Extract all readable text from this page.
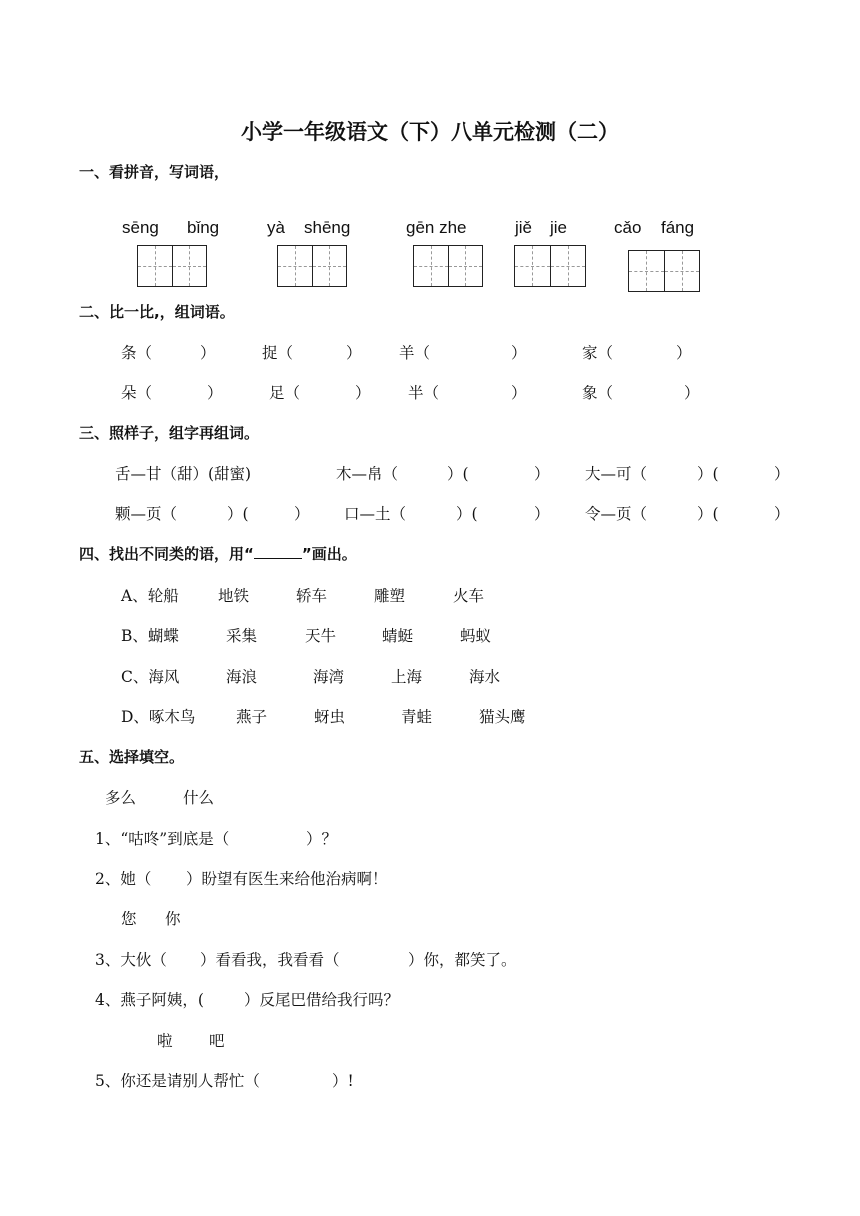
小学一年级语文（下）八单元检测（二）
一、看拼音，写词语，
sēng bǐng	yà shēng	gēn zhe	jiě jie	cǎo fáng
二、比一比,，组词语。
条（	）	捉（	） 羊（	）	家（	）
朵（	）	足（	） 半（	）	象（	）
三、照样子，组字再组词。
舌—甘（甜）(甜蜜)	木—帛（	）(	） 大—可（	）(	）
颗—页（	）(	） 口—土（	）(	） 令—页（	）(	）
四、找出不同类的语，用“	”画出。
A、轮船	地铁	轿车	雕塑	火车
B、蝴蝶	采集	天牛	蜻蜓	蚂蚁
C、海风	海浪	海湾	上海	海水
D、啄木鸟	燕子	蚜虫	青蛙	猫头鹰
五、选择填空。
多么	什么
1、“咕咚”到底是（	）？
2、她（ ）盼望有医生来给他治病啊！
您 你
3、大伙（ ）看看我，我看看（	）你，都笑了。
4、燕子阿姨，(	）反尾巴借给我行吗？
啦 吧
5、你还是请别人帮忙（	）!
